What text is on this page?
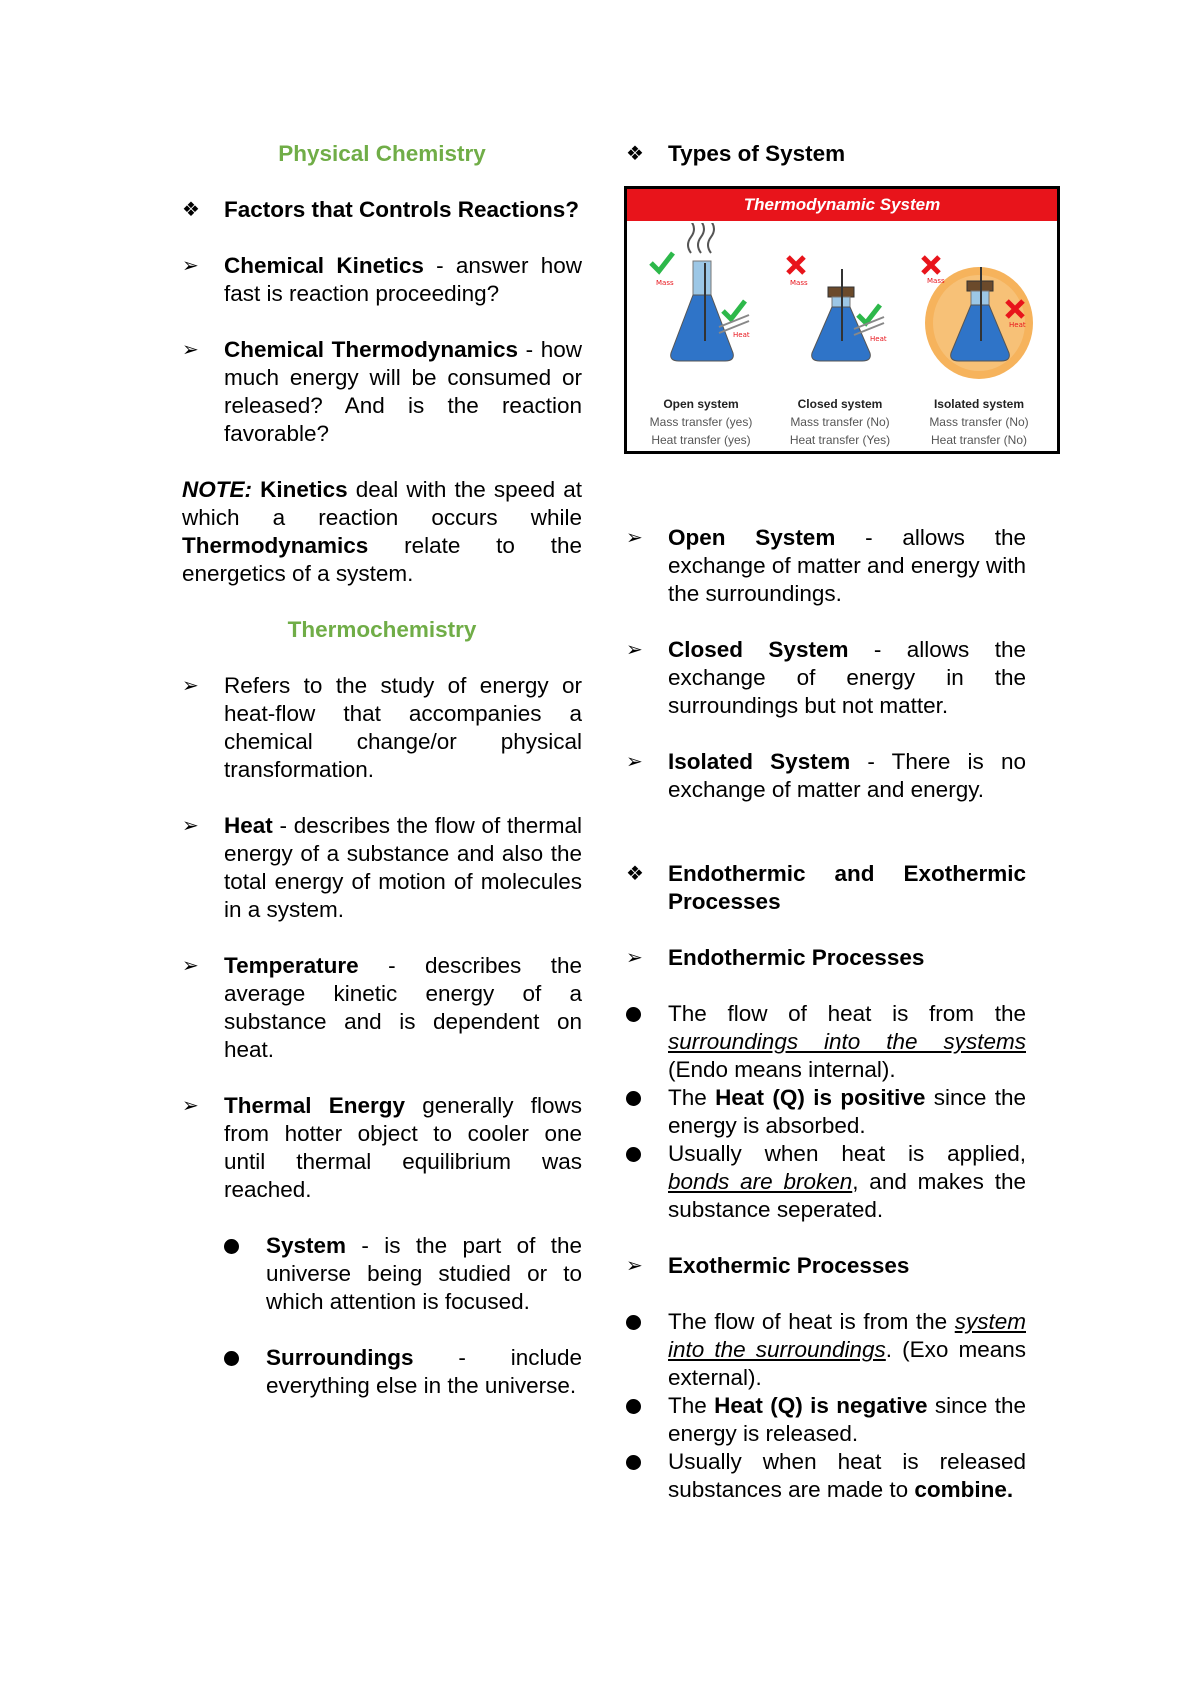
Physical Chemistry

❖	Factors that Controls Reactions?
➢	Chemical Kinetics - answer how fast is reaction proceeding?
➢	Chemical Thermodynamics - how much energy will be consumed or released? And is the reaction favorable?

NOTE: Kinetics deal with the speed at which a reaction occurs while Thermodynamics relate to the energetics of a system.

Thermochemistry

➢	Refers to the study of energy or heat-flow that accompanies a chemical change/or physical transformation.
➢	Heat - describes the flow of thermal energy of a substance and also the total energy of motion of molecules in a system.
➢	Temperature - describes the average kinetic energy of a substance and is dependent on heat.
➢	Thermal Energy generally flows from hotter object to cooler one until thermal equilibrium was reached.
System - is the part of the universe being studied or to which attention is focused.
Surroundings - include everything else in the universe.
❖	Types of System
Thermodynamic System
Mass
Heat
Open system
Mass transfer (yes)
Heat transfer (yes)
Mass
Heat
Closed system
Mass transfer (No)
Heat transfer (Yes)
Mass
Heat
Isolated system
Mass transfer (No)
Heat transfer (No)
➢	Open System - allows the exchange of matter and energy with the surroundings.
➢	Closed System - allows the exchange of energy in the surroundings but not matter.
➢	Isolated System - There is no exchange of matter and energy.
❖	Endothermic and Exothermic Processes
➢	Endothermic Processes
The flow of heat is from the surroundings into the systems (Endo means internal).
The Heat (Q) is positive since the energy is absorbed.
Usually when heat is applied, bonds are broken, and makes the substance seperated.
➢	Exothermic Processes
The flow of heat is from the system into the surroundings. (Exo means external).
The Heat (Q) is negative since the energy is released.
Usually when heat is released substances are made to combine.
